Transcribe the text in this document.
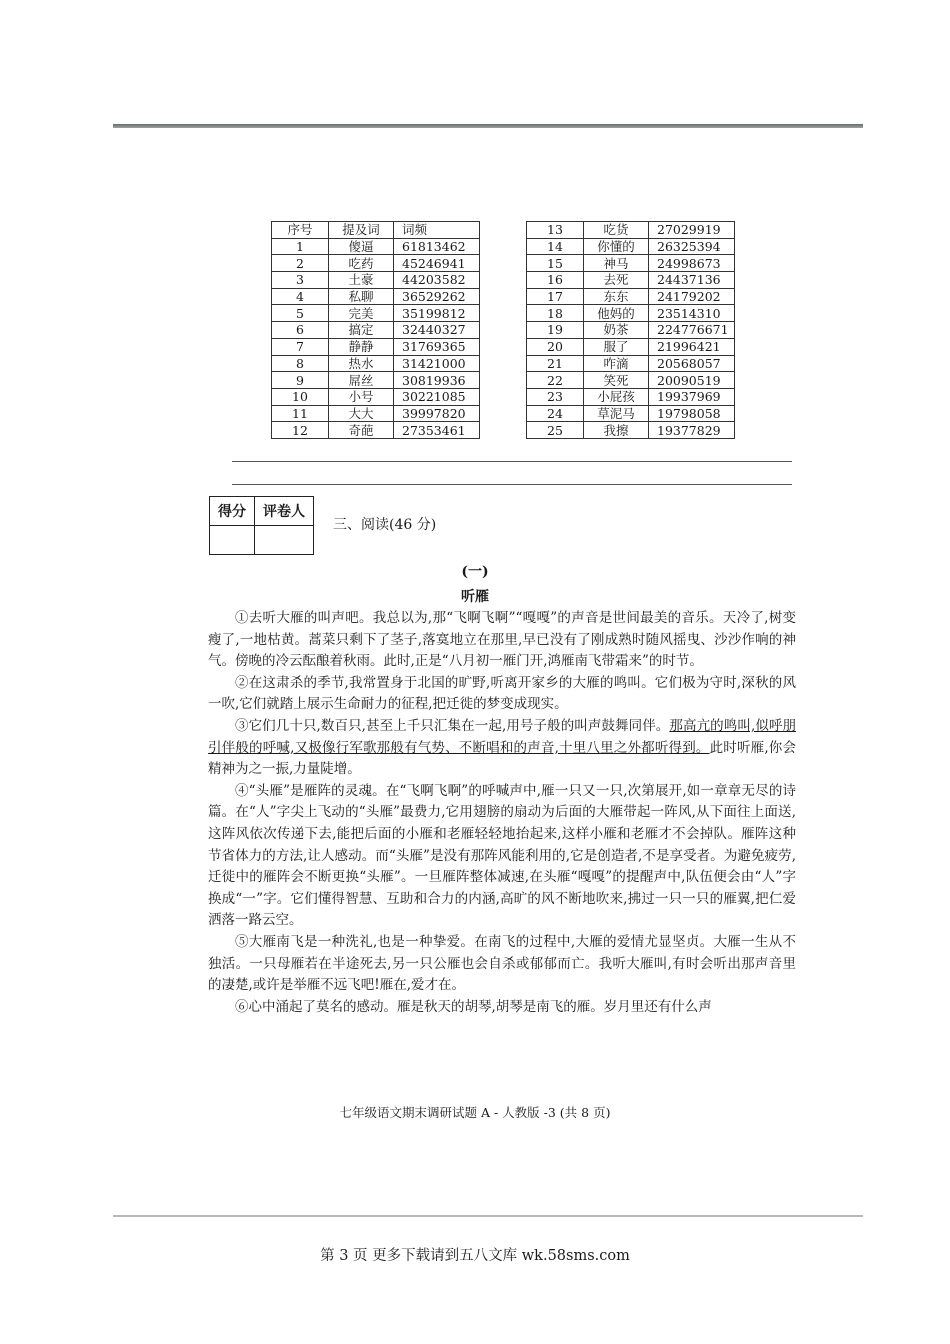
序号	提及词	词频
1	傻逼	61813462
2	吃药	45246941
3	土豪	44203582
4	私聊	36529262
5	完美	35199812
6	搞定	32440327
7	静静	31769365
8	热水	31421000
9	屌丝	30819936
10	小号	30221085
11	大大	39997820
12	奇葩	27353461
13	吃货	27029919
14	你懂的	26325394
15	神马	24998673
16	去死	24437136
17	东东	24179202
18	他妈的	23514310
19	奶茶	224776671
20	服了	21996421
21	咋滴	20568057
22	笑死	20090519
23	小屁孩	19937969
24	草泥马	19798058
25	我擦	19377829
得分	评卷人

三、阅读(46 分)
(一)
听雁

①去听大雁的叫声吧。我总以为,那“飞啊飞啊”“嘎嘎”的声音是世间最美的音乐。天冷了,树变瘦了,一地枯黄。蒿菜只剩下了茎子,落寞地立在那里,早已没有了刚成熟时随风摇曳、沙沙作响的神气。傍晚的冷云酝酿着秋雨。此时,正是“八月初一雁门开,鸿雁南飞带霜来”的时节。

②在这肃杀的季节,我常置身于北国的旷野,听离开家乡的大雁的鸣叫。它们极为守时,深秋的风一吹,它们就踏上展示生命耐力的征程,把迁徙的梦变成现实。

③它们几十只,数百只,甚至上千只汇集在一起,用号子般的叫声鼓舞同伴。那高亢的鸣叫,似呼朋引伴般的呼喊,又极像行军歌那般有气势、不断唱和的声音,十里八里之外都听得到。此时听雁,你会精神为之一振,力量陡增。

④“头雁”是雁阵的灵魂。在“飞啊飞啊”的呼喊声中,雁一只又一只,次第展开,如一章章无尽的诗篇。在“人”字尖上飞动的“头雁”最费力,它用翅膀的扇动为后面的大雁带起一阵风,从下面往上面送,这阵风依次传递下去,能把后面的小雁和老雁轻轻地抬起来,这样小雁和老雁才不会掉队。雁阵这种节省体力的方法,让人感动。而“头雁”是没有那阵风能利用的,它是创造者,不是享受者。为避免疲劳,迁徙中的雁阵会不断更换“头雁”。一旦雁阵整体减速,在头雁“嘎嘎”的提醒声中,队伍便会由“人”字换成“一”字。它们懂得智慧、互助和合力的内涵,高旷的风不断地吹来,拂过一只一只的雁翼,把仁爱洒落一路云空。

⑤大雁南飞是一种洗礼,也是一种挚爱。在南飞的过程中,大雁的爱情尤显坚贞。大雁一生从不独活。一只母雁若在半途死去,另一只公雁也会自杀或郁郁而亡。我听大雁叫,有时会听出那声音里的凄楚,或许是举雁不远飞吧!雁在,爱才在。

⑥心中涌起了莫名的感动。雁是秋天的胡琴,胡琴是南飞的雁。岁月里还有什么声

七年级语文期末调研试题 A - 人教版 -3 (共 8 页)
第 3 页 更多下载请到五八文库 wk.58sms.com
